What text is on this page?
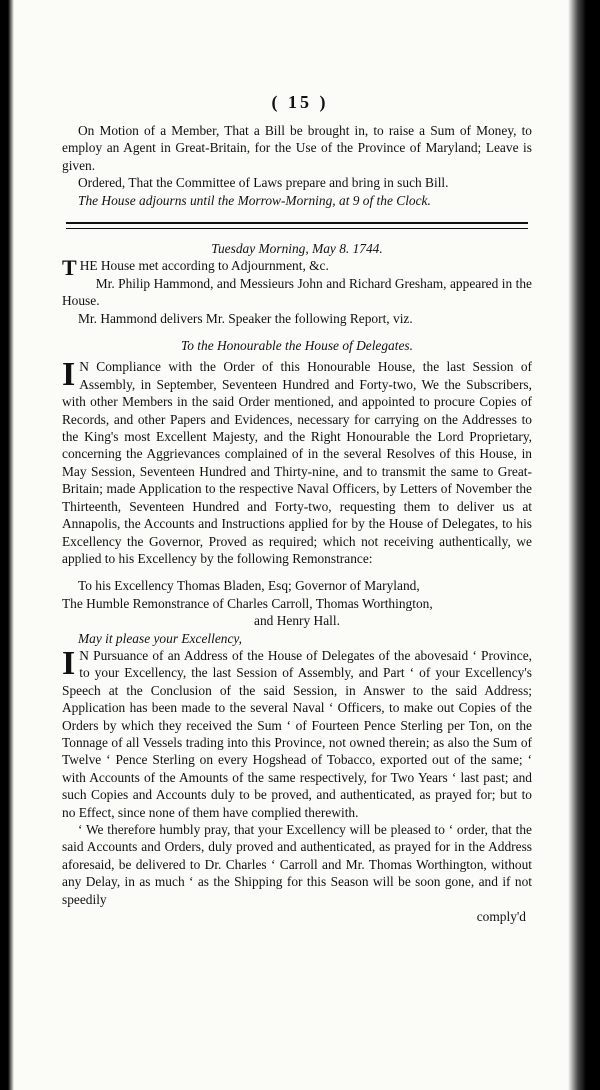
( 15 )

On Motion of a Member, That a Bill be brought in, to raise a Sum of Money, to employ an Agent in Great-Britain, for the Use of the Province of Maryland; Leave is given.

Ordered, That the Committee of Laws prepare and bring in such Bill.

The House adjourns until the Morrow-Morning, at 9 of the Clock.

Tuesday Morning, May 8. 1744.

THE House met according to Adjournment, &c.

Mr. Philip Hammond, and Messieurs John and Richard Gresham, appeared in the House.

Mr. Hammond delivers Mr. Speaker the following Report, viz.

To the Honourable the House of Delegates.

I N Compliance with the Order of this Honourable House, the last Session of Assembly, in September, Seventeen Hundred and Forty-two, We the Subscribers, with other Members in the said Order mentioned, and appointed to procure Copies of Records, and other Papers and Evidences, necessary for carrying on the Addresses to the King's most Excellent Majesty, and the Right Honourable the Lord Proprietary, concerning the Aggrievances complained of in the several Resolves of this House, in May Session, Seventeen Hundred and Thirty-nine, and to transmit the same to Great-Britain; made Application to the respective Naval Officers, by Letters of November the Thirteenth, Seventeen Hundred and Forty-two, requesting them to deliver us at Annapolis, the Accounts and Instructions applied for by the House of Delegates, to his Excellency the Governor, Proved as required; which not receiving authentically, we applied to his Excellency by the following Remonstrance:

To his Excellency Thomas Bladen, Esq; Governor of Maryland,

The Humble Remonstrance of Charles Carroll, Thomas Worthington,

and Henry Hall.

May it please your Excellency,

I N Pursuance of an Address of the House of Delegates of the abovesaid ‘ Province, to your Excellency, the last Session of Assembly, and Part ‘ of your Excellency's Speech at the Conclusion of the said Session, in Answer to the said Address; Application has been made to the several Naval ‘ Officers, to make out Copies of the Orders by which they received the Sum ‘ of Fourteen Pence Sterling per Ton, on the Tonnage of all Vessels trading into this Province, not owned therein; as also the Sum of Twelve ‘ Pence Sterling on every Hogshead of Tobacco, exported out of the same; ‘ with Accounts of the Amounts of the same respectively, for Two Years ‘ last past; and such Copies and Accounts duly to be proved, and authenticated, as prayed for; but to no Effect, since none of them have complied therewith.

‘ We therefore humbly pray, that your Excellency will be pleased to ‘ order, that the said Accounts and Orders, duly proved and authenticated, as prayed for in the Address aforesaid, be delivered to Dr. Charles ‘ Carroll and Mr. Thomas Worthington, without any Delay, in as much ‘ as the Shipping for this Season will be soon gone, and if not speedily

comply'd
